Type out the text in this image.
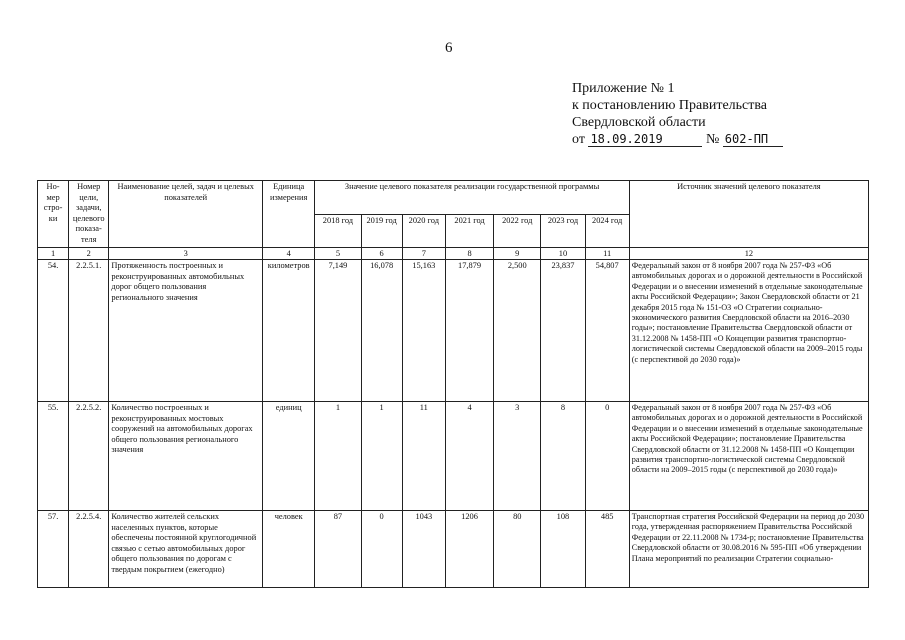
6
Приложение № 1
к постановлению Правительства
Свердловской области
от 18.09.2019	№ 602-ПП
Но-мер стро-ки	Номер цели, задачи, целевого показа-теля	Наименование целей, задач и целевых показателей	Единица измерения	Значение целевого показателя реализации государственной программы							Источник значений целевого показателя
				2018 год	2019 год	2020 год	2021 год	2022 год	2023 год	2024 год	
1	2	3	4	5	6	7	8	9	10	11	12
54.	2.2.5.1.	Протяженность построенных и реконструированных автомобильных дорог общего пользования регионального значения	километров	7,149	16,078	15,163	17,879	2,500	23,837	54,807	Федеральный закон от 8 ноября 2007 года № 257-ФЗ «Об автомобильных дорогах и о дорожной деятельности в Российской Федерации и о внесении изменений в отдельные законодательные акты Российской Федерации»; Закон Свердловской области от 21 декабря 2015 года № 151-ОЗ «О Стратегии социально-экономического развития Свердловской области на 2016–2030 годы»; постановление Правительства Свердловской области от 31.12.2008 № 1458-ПП «О Концепции развития транспортно-логистической системы Свердловской области на 2009–2015 годы (с перспективой до 2030 года)»
55.	2.2.5.2.	Количество построенных и реконструированных мостовых сооружений на автомобильных дорогах общего пользования регионального значения	единиц	1	1	11	4	3	8	0	Федеральный закон от 8 ноября 2007 года № 257-ФЗ «Об автомобильных дорогах и о дорожной деятельности в Российской Федерации и о внесении изменений в отдельные законодательные акты Российской Федерации»; постановление Правительства Свердловской области от 31.12.2008 № 1458-ПП «О Концепции развития транспортно-логистической системы Свердловской области на 2009–2015 годы (с перспективой до 2030 года)»
57.	2.2.5.4.	Количество жителей сельских населенных пунктов, которые обеспечены постоянной круглогодичной связью с сетью автомобильных дорог общего пользования по дорогам с твердым покрытием (ежегодно)	человек	87	0	1043	1206	80	108	485	Транспортная стратегия Российской Федерации на период до 2030 года, утвержденная распоряжением Правительства Российской Федерации от 22.11.2008 № 1734-р; постановление Правительства Свердловской области от 30.08.2016 № 595-ПП «Об утверждении Плана мероприятий по реализации Стратегии социально-
